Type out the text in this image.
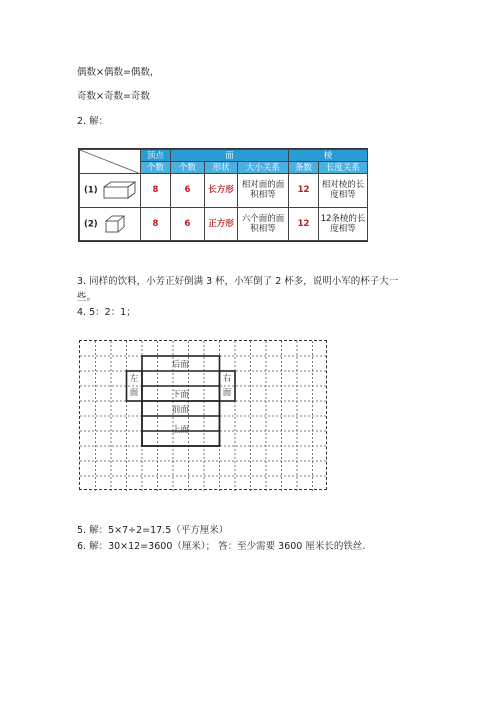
偶数×偶数=偶数，
奇数×奇数=奇数
2. 解：
	顶点	面			棱	
	个数	个数	形状	大小关系	条数	长度关系
(1)	8	6	长方形	相对面的面积相等	12	相对棱的长度相等
(2)	8	6	正方形	六个面的面积相等	12	12条棱的长度相等
3. 同样的饮料，小芳正好倒满 3 杯，小军倒了 2 杯多，说明小军的杯子大一些。
4. 5：2：1；
后面
左面	下面
右面
前面
上面
5. 解：5×7÷2=17.5（平方厘米）
6. 解：30×12=3600（厘米）； 答：至少需要 3600 厘米长的铁丝.
